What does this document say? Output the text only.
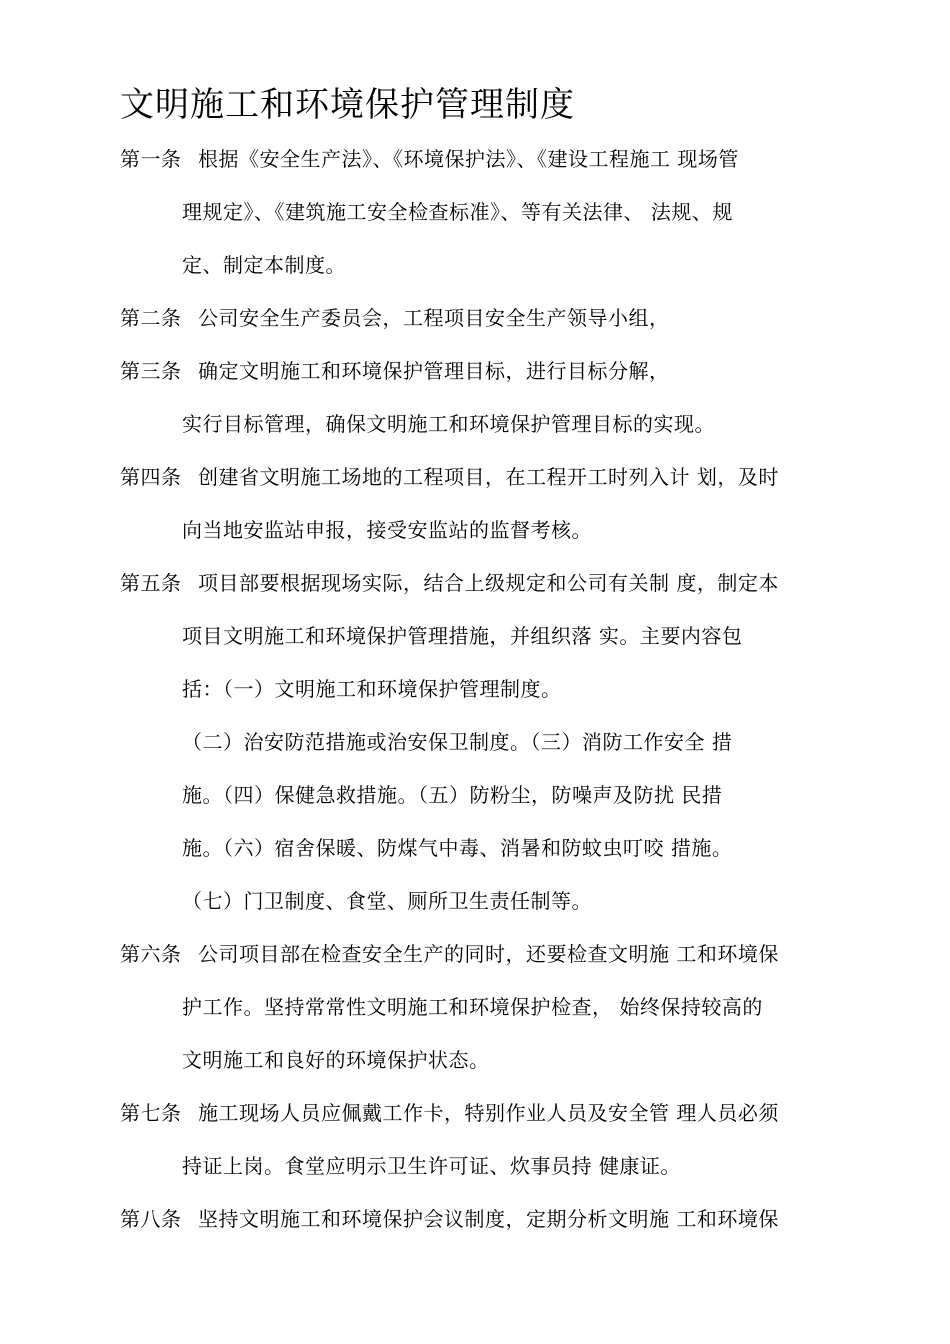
文明施工和环境保护管理制度
第一条 根据《安全生产法》、《环境保护法》、《建设工程施工 现场管
理规定》、《建筑施工安全检查标准》、等有关法律、 法规、规
定、制定本制度。
第二条 公司安全生产委员会，工程项目安全生产领导小组，
第三条 确定文明施工和环境保护管理目标，进行目标分解，
实行目标管理，确保文明施工和环境保护管理目标的实现。
第四条 创建省文明施工场地的工程项目，在工程开工时列入计 划，及时
向当地安监站申报，接受安监站的监督考核。
第五条 项目部要根据现场实际，结合上级规定和公司有关制 度，制定本
项目文明施工和环境保护管理措施，并组织落 实。主要内容包
括：（一）文明施工和环境保护管理制度。
（二）治安防范措施或治安保卫制度。（三）消防工作安全 措
施。（四）保健急救措施。（五）防粉尘，防噪声及防扰 民措
施。（六）宿舍保暖、防煤气中毒、消暑和防蚊虫叮咬 措施。
（七）门卫制度、食堂、厕所卫生责任制等。
第六条 公司项目部在检查安全生产的同时，还要检查文明施 工和环境保
护工作。坚持常常性文明施工和环境保护检查， 始终保持较高的
文明施工和良好的环境保护状态。
第七条 施工现场人员应佩戴工作卡，特别作业人员及安全管 理人员必须
持证上岗。食堂应明示卫生许可证、炊事员持 健康证。
第八条 坚持文明施工和环境保护会议制度，定期分析文明施 工和环境保
